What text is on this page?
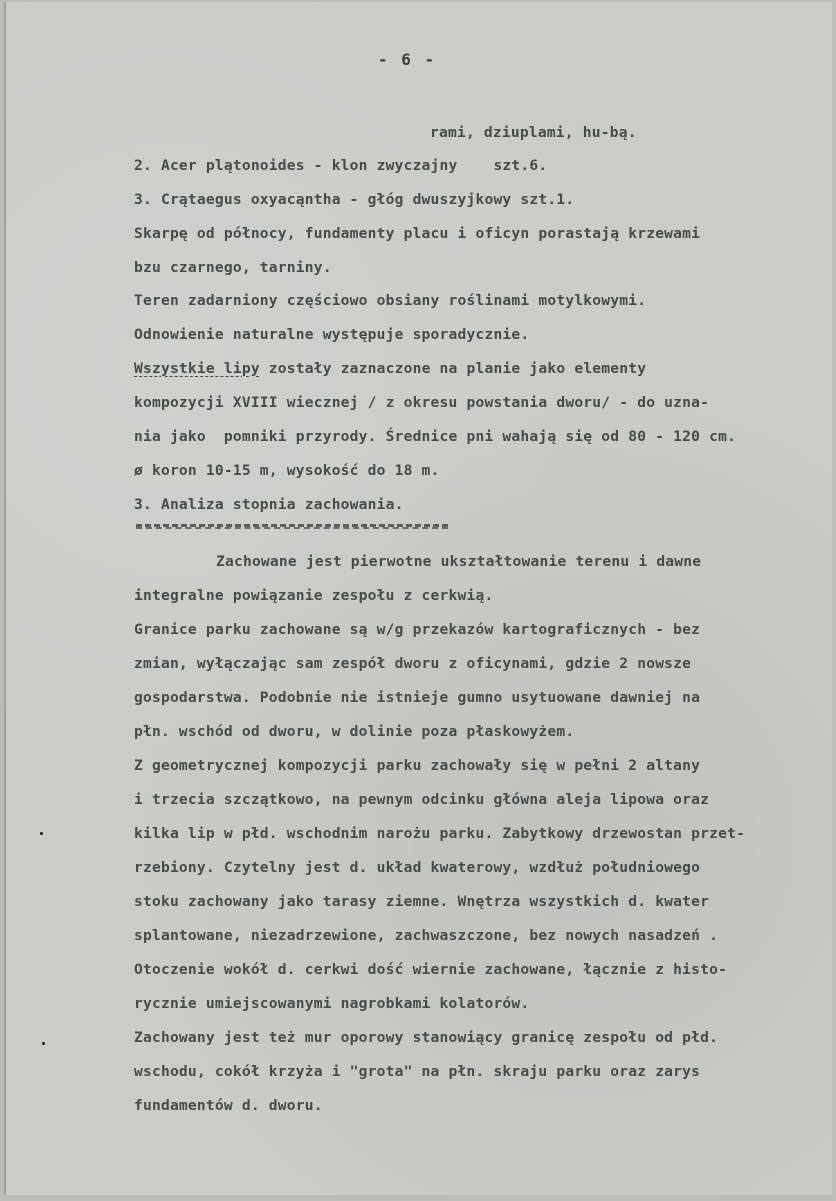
- 6 -
rami, dziuplami, hu-bą.
2. Acer plątonoides - klon zwyczajny    szt.6.
3. Crątaegus oxyacąntha - głóg dwuszyjkowy szt.1.
Skarpę od północy, fundamenty placu i oficyn porastają krzewami
bzu czarnego, tarniny.
Teren zadarniony częściowo obsiany roślinami motylkowymi.
Odnowienie naturalne występuje sporadycznie.
Wszystkie lipy zostały zaznaczone na planie jako elementy
kompozycji XVIII wiecznej / z okresu powstania dworu/ - do uzna-
nia jako  pomniki przyrody. Średnice pni wahają się od 80 - 120 cm.
ø koron 10-15 m, wysokość do 18 m.
3. Analiza stopnia zachowania.
Zachowane jest pierwotne ukształtowanie terenu i dawne
integralne powiązanie zespołu z cerkwią.
Granice parku zachowane są w/g przekazów kartograficznych - bez
zmian, wyłączając sam zespół dworu z oficynami, gdzie 2 nowsze
gospodarstwa. Podobnie nie istnieje gumno usytuowane dawniej na
płn. wschód od dworu, w dolinie poza płaskowyżem.
Z geometrycznej kompozycji parku zachowały się w pełni 2 altany
i trzecia szczątkowo, na pewnym odcinku główna aleja lipowa oraz
kilka lip w płd. wschodnim narożu parku. Zabytkowy drzewostan przet-
rzebiony. Czytelny jest d. układ kwaterowy, wzdłuż południowego
stoku zachowany jako tarasy ziemne. Wnętrza wszystkich d. kwater
splantowane, niezadrzewione, zachwaszczone, bez nowych nasadzeń .
Otoczenie wokół d. cerkwi dość wiernie zachowane, łącznie z histo-
rycznie umiejscowanymi nagrobkami kolatorów.
Zachowany jest też mur oporowy stanowiący granicę zespołu od płd.
wschodu, cokół krzyża i "grota" na płn. skraju parku oraz zarys
fundamentów d. dworu.
